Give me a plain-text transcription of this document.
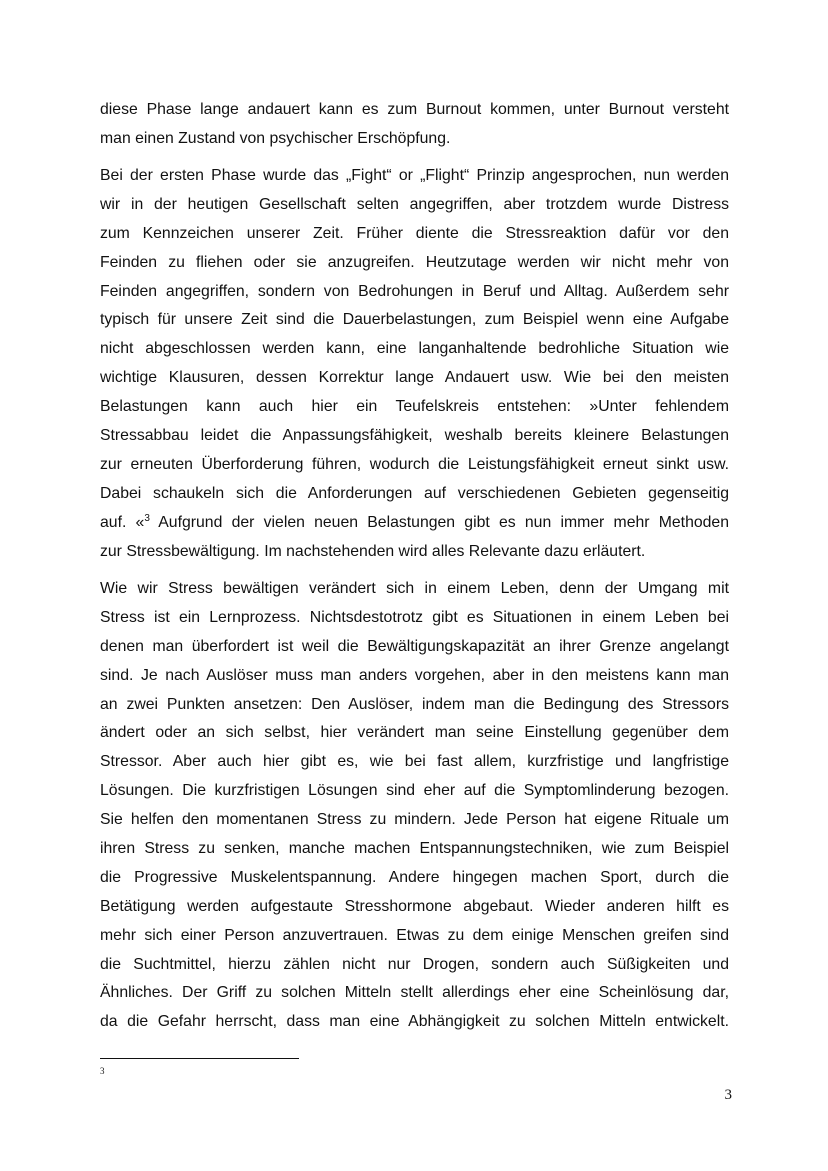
diese Phase lange andauert kann es zum Burnout kommen, unter Burnout versteht
man einen Zustand von psychischer Erschöpfung.
Bei der ersten Phase wurde das „Fight“ or „Flight“ Prinzip angesprochen, nun werden
wir in der heutigen Gesellschaft selten angegriffen, aber trotzdem wurde Distress
zum Kennzeichen unserer Zeit. Früher diente die Stressreaktion dafür vor den
Feinden zu fliehen oder sie anzugreifen. Heutzutage werden wir nicht mehr von
Feinden angegriffen, sondern von Bedrohungen in Beruf und Alltag. Außerdem sehr
typisch für unsere Zeit sind die Dauerbelastungen, zum Beispiel wenn eine Aufgabe
nicht abgeschlossen werden kann, eine langanhaltende bedrohliche Situation wie
wichtige Klausuren, dessen Korrektur lange Andauert usw. Wie bei den meisten
Belastungen kann auch hier ein Teufelskreis entstehen: »Unter fehlendem
Stressabbau leidet die Anpassungsfähigkeit, weshalb bereits kleinere Belastungen
zur erneuten Überforderung führen, wodurch die Leistungsfähigkeit erneut sinkt usw.
Dabei schaukeln sich die Anforderungen auf verschiedenen Gebieten gegenseitig
auf. «$^3$ Aufgrund der vielen neuen Belastungen gibt es nun immer mehr Methoden
zur Stressbewältigung. Im nachstehenden wird alles Relevante dazu erläutert.
Wie wir Stress bewältigen verändert sich in einem Leben, denn der Umgang mit
Stress ist ein Lernprozess. Nichtsdestotrotz gibt es Situationen in einem Leben bei
denen man überfordert ist weil die Bewältigungskapazität an ihrer Grenze angelangt
sind. Je nach Auslöser muss man anders vorgehen, aber in den meistens kann man
an zwei Punkten ansetzen: Den Auslöser, indem man die Bedingung des Stressors
ändert oder an sich selbst, hier verändert man seine Einstellung gegenüber dem
Stressor. Aber auch hier gibt es, wie bei fast allem, kurzfristige und langfristige
Lösungen. Die kurzfristigen Lösungen sind eher auf die Symptomlinderung bezogen.
Sie helfen den momentanen Stress zu mindern. Jede Person hat eigene Rituale um
ihren Stress zu senken, manche machen Entspannungstechniken, wie zum Beispiel
die Progressive Muskelentspannung. Andere hingegen machen Sport, durch die
Betätigung werden aufgestaute Stresshormone abgebaut. Wieder anderen hilft es
mehr sich einer Person anzuvertrauen. Etwas zu dem einige Menschen greifen sind
die Suchtmittel, hierzu zählen nicht nur Drogen, sondern auch Süßigkeiten und
Ähnliches. Der Griff zu solchen Mitteln stellt allerdings eher eine Scheinlösung dar,
da die Gefahr herrscht, dass man eine Abhängigkeit zu solchen Mitteln entwickelt.
3
3
